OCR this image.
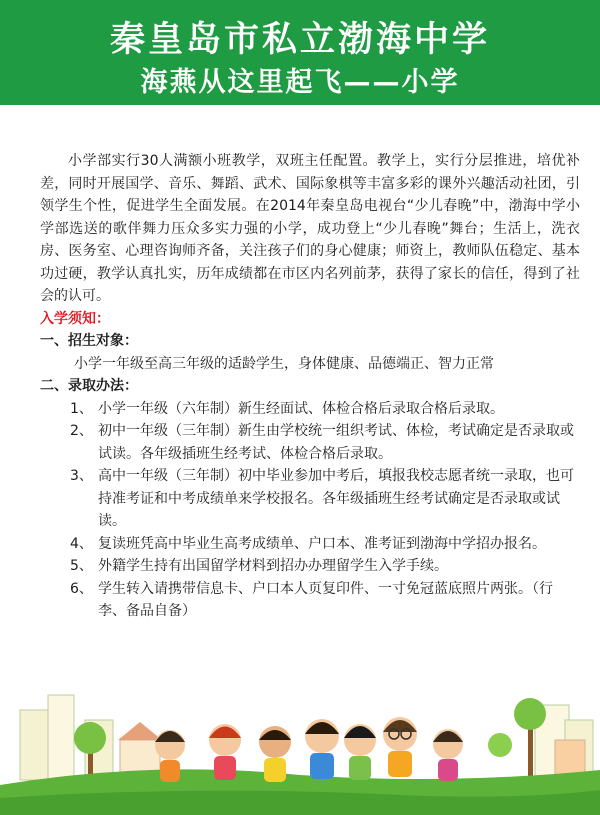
秦皇岛市私立渤海中学
海燕从这里起飞——小学

小学部实行30人满额小班教学，双班主任配置。教学上，实行分层推进，培优补差，同时开展国学、音乐、舞蹈、武术、国际象棋等丰富多彩的课外兴趣活动社团，引领学生个性，促进学生全面发展。在2014年秦皇岛电视台“少儿春晚”中，渤海中学小学部选送的歌伴舞力压众多实力强的小学，成功登上“少儿春晚”舞台；生活上，洗衣房、医务室、心理咨询师齐备，关注孩子们的身心健康；师资上，教师队伍稳定、基本功过硬，教学认真扎实，历年成绩都在市区内名列前茅，获得了家长的信任，得到了社会的认可。

入学须知：
一、招生对象：
小学一年级至高三年级的适龄学生，身体健康、品德端正、智力正常
二、录取办法：

1、 小学一年级（六年制）新生经面试、体检合格后录取合格后录取。

2、 初中一年级（三年制）新生由学校统一组织考试、体检，考试确定是否录取或试读。各年级插班生经考试、体检合格后录取。

3、 高中一年级（三年制）初中毕业参加中考后，填报我校志愿者统一录取，也可持准考证和中考成绩单来学校报名。各年级插班生经考试确定是否录取或试读。

4、 复读班凭高中毕业生高考成绩单、户口本、准考证到渤海中学招办报名。

5、 外籍学生持有出国留学材料到招办办理留学生入学手续。

6、 学生转入请携带信息卡、户口本人页复印件、一寸免冠蓝底照片两张。（行李、备品自备）
